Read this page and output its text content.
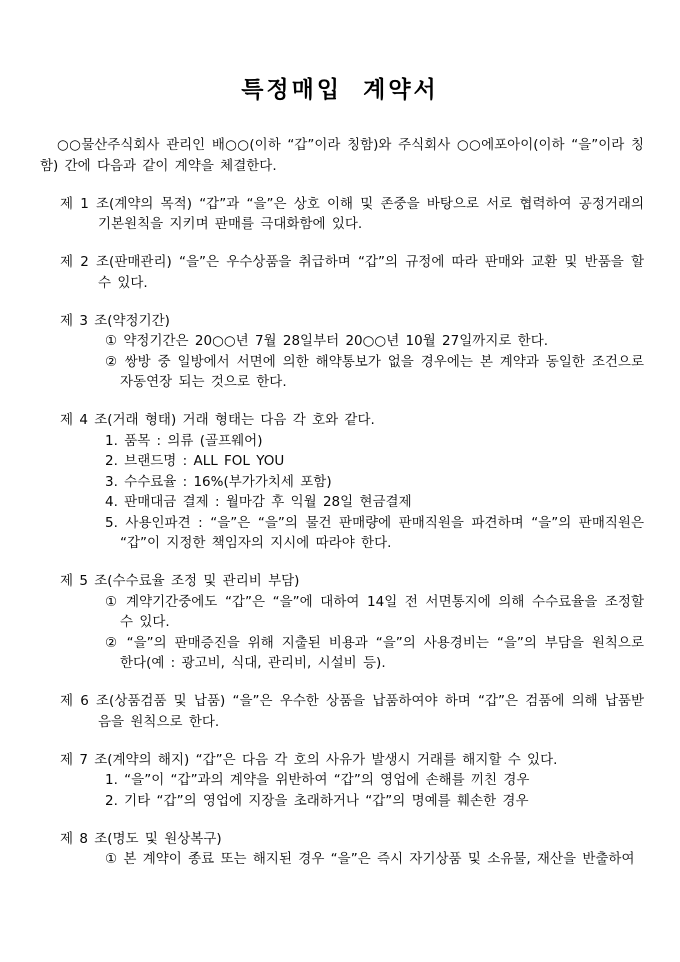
특정매입 계약서

○○물산주식회사 관리인 배○○(이하 “갑”이라 칭함)와 주식회사 ○○에포아이(이하 “을”이라 칭함) 간에 다음과 같이 계약을 체결한다.

제 1 조(계약의 목적) “갑”과 “을”은 상호 이해 및 존중을 바탕으로 서로 협력하여 공정거래의 기본원칙을 지키며 판매를 극대화함에 있다.

제 2 조(판매관리) “을”은 우수상품을 취급하며 “갑”의 규정에 따라 판매와 교환 및 반품을 할 수 있다.

제 3 조(약정기간)

① 약정기간은 20○○년 7월 28일부터 20○○년 10월 27일까지로 한다.

② 쌍방 중 일방에서 서면에 의한 해약통보가 없을 경우에는 본 계약과 동일한 조건으로 자동연장 되는 것으로 한다.

제 4 조(거래 형태) 거래 형태는 다음 각 호와 같다.

1. 품목 : 의류 (골프웨어)

2. 브랜드명 : ALL FOL YOU

3. 수수료율 : 16%(부가가치세 포함)

4. 판매대금 결제 : 월마감 후 익월 28일 현금결제

5. 사용인파견 : “을”은 “을”의 물건 판매량에 판매직원을 파견하며 “을”의 판매직원은 “갑”이 지정한 책임자의 지시에 따라야 한다.

제 5 조(수수료율 조정 및 관리비 부담)

① 계약기간중에도 “갑”은 “을”에 대하여 14일 전 서면통지에 의해 수수료율을 조정할 수 있다.

② “을”의 판매증진을 위해 지출된 비용과 “을”의 사용경비는 “을”의 부담을 원칙으로 한다(예 : 광고비, 식대, 관리비, 시설비 등).

제 6 조(상품검품 및 납품) “을”은 우수한 상품을 납품하여야 하며 “갑”은 검품에 의해 납품받음을 원칙으로 한다.

제 7 조(계약의 해지) “갑”은 다음 각 호의 사유가 발생시 거래를 해지할 수 있다.

1. “을”이 “갑”과의 계약을 위반하여 “갑”의 영업에 손해를 끼친 경우

2. 기타 “갑”의 영업에 지장을 초래하거나 “갑”의 명예를 훼손한 경우

제 8 조(명도 및 원상복구)

① 본 계약이 종료 또는 해지된 경우 “을”은 즉시 자기상품 및 소유물, 재산을 반출하여
